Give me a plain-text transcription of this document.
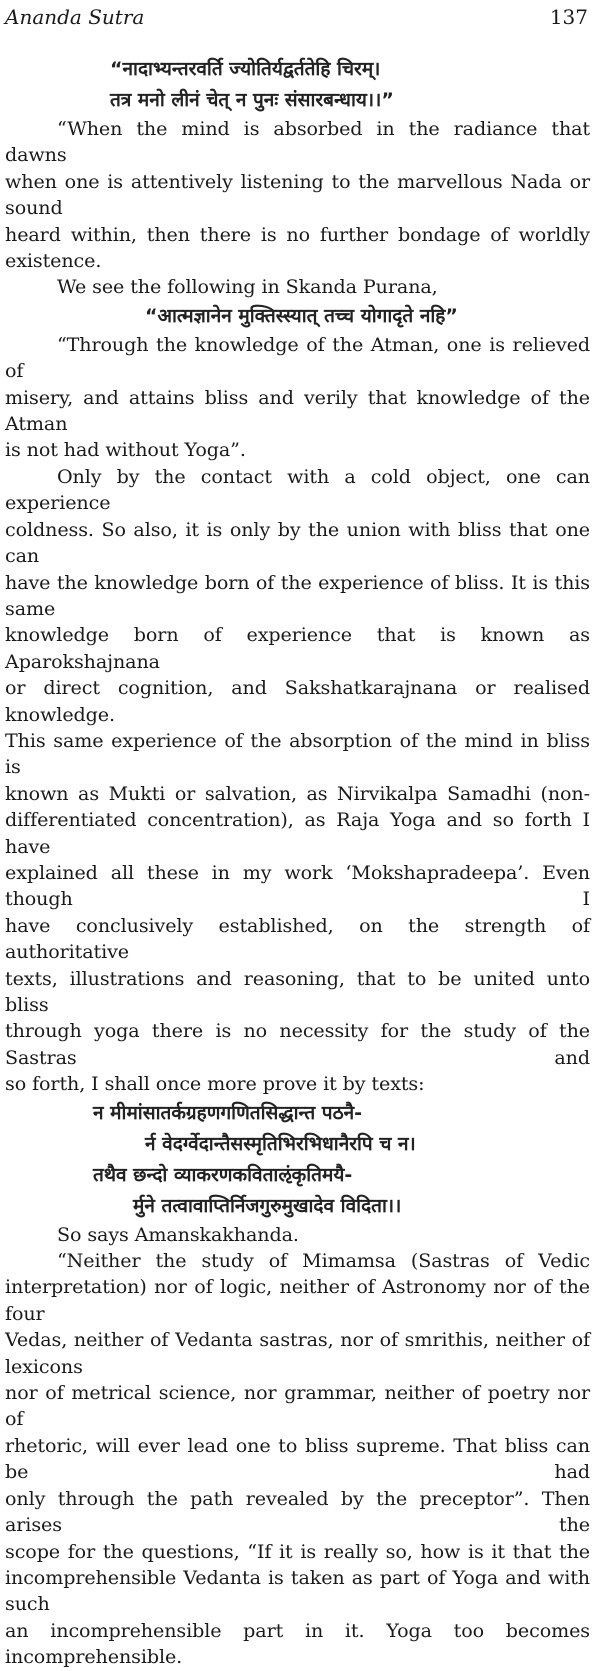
Ananda Sutra	137
“नादाभ्यन्तरवर्ति ज्योतिर्यद्वर्ततेहि चिरम्।
तत्र मनो लीनं चेत् न पुनः संसारबन्धाय।।”
“When the mind is absorbed in the radiance that dawns
when one is attentively listening to the marvellous Nada or sound
heard within, then there is no further bondage of worldly existence.
We see the following in Skanda Purana,
“आत्मज्ञानेन मुक्तिस्स्यात् तच्च योगादृते नहि”
“Through the knowledge of the Atman, one is relieved of
misery, and attains bliss and verily that knowledge of the Atman
is not had without Yoga”.
Only by the contact with a cold object, one can experience
coldness. So also, it is only by the union with bliss that one can
have the knowledge born of the experience of bliss. It is this same
knowledge born of experience that is known as Aparokshajnana
or direct cognition, and Sakshatkarajnana or realised knowledge.
This same experience of the absorption of the mind in bliss is
known as Mukti or salvation, as Nirvikalpa Samadhi (non-
differentiated concentration), as Raja Yoga and so forth I have
explained all these in my work ‘Mokshapradeepa’. Even though I
have conclusively established, on the strength of authoritative
texts, illustrations and reasoning, that to be united unto bliss
through yoga there is no necessity for the study of the Sastras and
so forth, I shall once more prove it by texts:
न मीमांसातर्कग्रहणगणितसिद्धान्त पठनै-
र्न वेदर्ग्वेदान्तैसस्मृतिभिरभिधानैरपि च न।
तथैव छन्दो व्याकरणकविताऌंकृतिमयै-
र्मुने तत्वावाप्तिर्निजगुरुमुखादेव विदिता।।
So says Amanskakhanda.
“Neither the study of Mimamsa (Sastras of Vedic
interpretation) nor of logic, neither of Astronomy nor of the four
Vedas, neither of Vedanta sastras, nor of smrithis, neither of lexicons
nor of metrical science, nor grammar, neither of poetry nor of
rhetoric, will ever lead one to bliss supreme. That bliss can be had
only through the path revealed by the preceptor”. Then arises the
scope for the questions, “If it is really so, how is it that the
incomprehensible Vedanta is taken as part of Yoga and with such
an incomprehensible part in it. Yoga too becomes incomprehensible.
